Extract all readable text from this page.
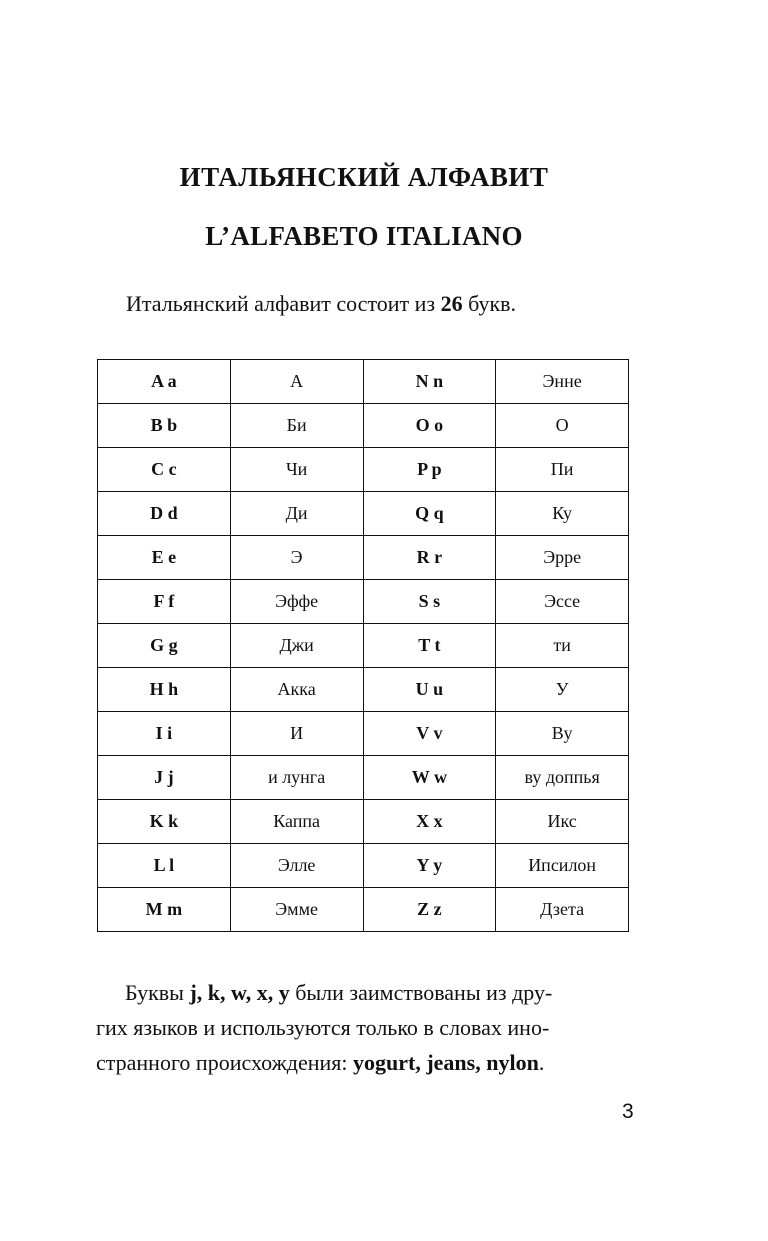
ИТАЛЬЯНСКИЙ АЛФАВИТ
L’ALFABETO ITALIANO
Итальянский алфавит состоит из 26 букв.
A a	А	N n	Энне
B b	Би	O o	О
C c	Чи	P p	Пи
D d	Ди	Q q	Ку
E e	Э	R r	Эрре
F f	Эффе	S s	Эссе
G g	Джи	T t	ти
H h	Акка	U u	У
I i	И	V v	Ву
J j	и лунга	W w	ву доппья
K k	Каппа	X x	Икс
L l	Элле	Y y	Ипсилон
M m	Эмме	Z z	Дзета
Буквы j, k, w, x, y были заимствованы из дру-
гих языков и используются только в словах ино-
странного происхождения: yogurt, jeans, nylon.
3
